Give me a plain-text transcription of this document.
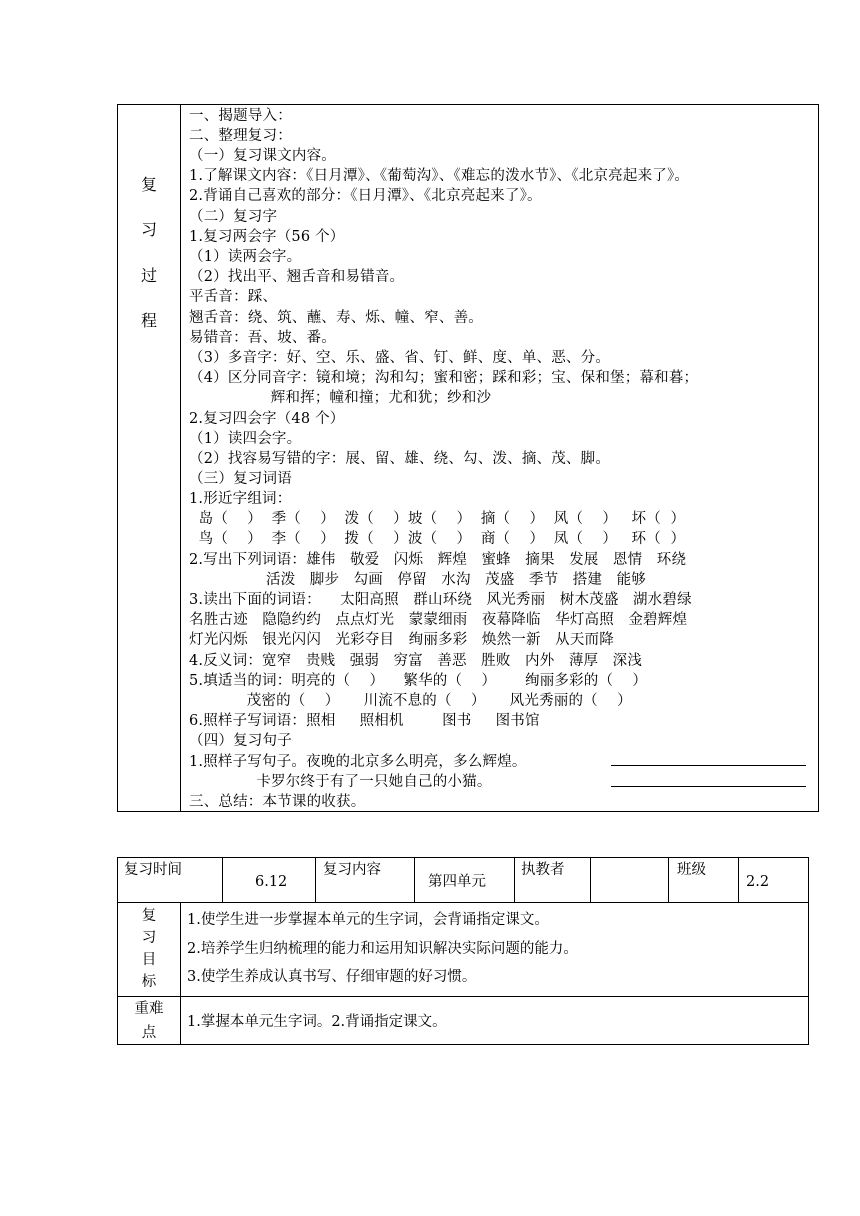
复
习
过
程
一、揭题导入：
二、整理复习：
（一）复习课文内容。
1.了解课文内容：《日月潭》、《葡萄沟》、《难忘的泼水节》、《北京亮起来了》。
2.背诵自己喜欢的部分：《日月潭》、《北京亮起来了》。
（二）复习字
1.复习两会字（56 个）
（1）读两会字。
（2）找出平、翘舌音和易错音。
平舌音：踩、
翘舌音：绕、筑、蘸、寿、烁、幢、窄、善。
易错音：吾、坡、番。
（3）多音字：好、空、乐、盛、省、钉、鲜、度、单、恶、分。
（4）区分同音字：镜和境；沟和勾；蜜和密；踩和彩；宝、保和堡；幕和暮；
辉和挥；幢和撞；尤和犹；纱和沙
2.复习四会字（48 个）
（1）读四会字。
（2）找容易写错的字：展、留、雄、绕、勾、泼、摘、茂、脚。
（三）复习词语
1.形近字组词：
岛（    ）  季（    ）  泼（    ）坡（    ）  摘（    ）  风（    ）   坏（  ）
鸟（    ）  李（    ）  拨（    ）波（    ）  商（    ）  凤（    ）   环（  ）
2.写出下列词语：雄伟   敬爱   闪烁   辉煌   蜜蜂   摘果   发展   恩情   环绕
活泼   脚步   勾画   停留   水沟   茂盛   季节   搭建   能够
3.读出下面的词语：    太阳高照   群山环绕   风光秀丽   树木茂盛   湖水碧绿
名胜古迹   隐隐约约   点点灯光   蒙蒙细雨   夜幕降临   华灯高照   金碧辉煌
灯光闪烁   银光闪闪   光彩夺目   绚丽多彩   焕然一新   从天而降
4.反义词：宽窄   贵贱   强弱   穷富   善恶   胜败   内外   薄厚   深浅
5.填适当的词：明亮的（    ）    繁华的（    ）      绚丽多彩的（    ）
茂密的（    ）     川流不息的（    ）     风光秀丽的（    ）
6.照样子写词语：照相     照相机        图书     图书馆
（四）复习句子
1.照样子写句子。夜晚的北京多么明亮，多么辉煌。
卡罗尔终于有了一只她自己的小猫。
三、总结：本节课的收获。
复习时间
6.12
复习内容
第四单元
执教者	班级
2.2
复
习
目
标
1.使学生进一步掌握本单元的生字词，会背诵指定课文。
2.培养学生归纳梳理的能力和运用知识解决实际问题的能力。
3.使学生养成认真书写、仔细审题的好习惯。
重难
点
1.掌握本单元生字词。2.背诵指定课文。
